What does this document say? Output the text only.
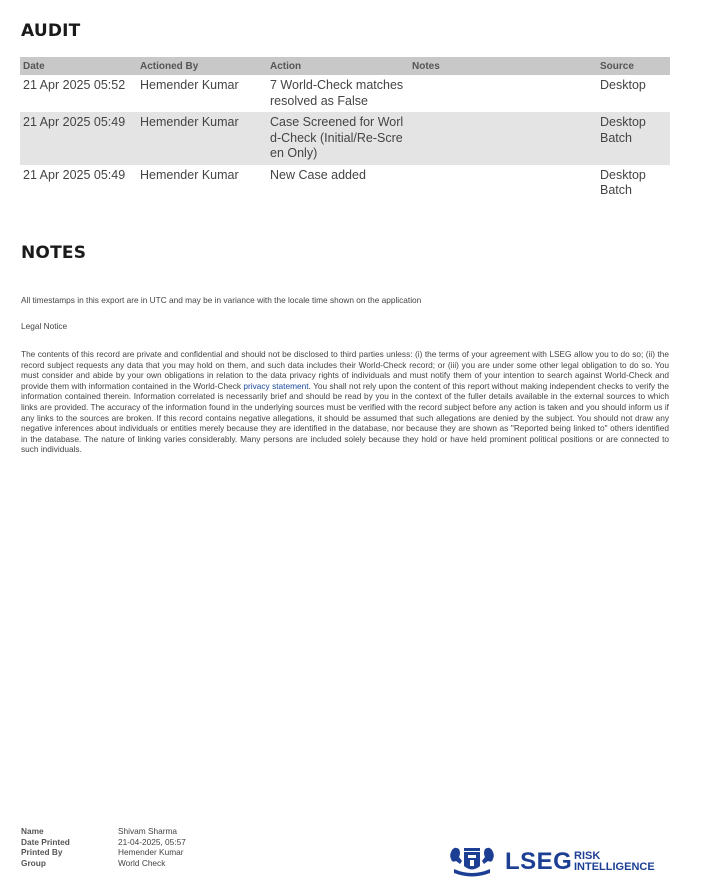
AUDIT
Date	Actioned By	Action	Notes	Source
21 Apr 2025 05:52	Hemender Kumar	7 World-Check matches resolved as False		Desktop
21 Apr 2025 05:49	Hemender Kumar	Case Screened for World-Check (Initial/Re-Screen Only)		Desktop Batch
21 Apr 2025 05:49	Hemender Kumar	New Case added		Desktop Batch
NOTES
All timestamps in this export are in UTC and may be in variance with the locale time shown on the application
Legal Notice
The contents of this record are private and confidential and should not be disclosed to third parties unless: (i) the terms of your agreement with LSEG allow you to do so; (ii) the record subject requests any data that you may hold on them, and such data includes their World-Check record; or (iii) you are under some other legal obligation to do so. You must consider and abide by your own obligations in relation to the data privacy rights of individuals and must notify them of your intention to search against World-Check and provide them with information contained in the World-Check privacy statement. You shall not rely upon the content of this report without making independent checks to verify the information contained therein. Information correlated is necessarily brief and should be read by you in the context of the fuller details available in the external sources to which links are provided. The accuracy of the information found in the underlying sources must be verified with the record subject before any action is taken and you should inform us if any links to the sources are broken. If this record contains negative allegations, it should be assumed that such allegations are denied by the subject. You should not draw any negative inferences about individuals or entities merely because they are identified in the database, nor because they are shown as "Reported being linked to" others identified in the database. The nature of linking varies considerably. Many persons are included solely because they hold or have held prominent political positions or are connected to such individuals.
Name	Shivam Sharma
Date Printed	21-04-2025, 05:57
Printed By	Hemender Kumar
Group	World Check	LSEG RISK
INTELLIGENCE
